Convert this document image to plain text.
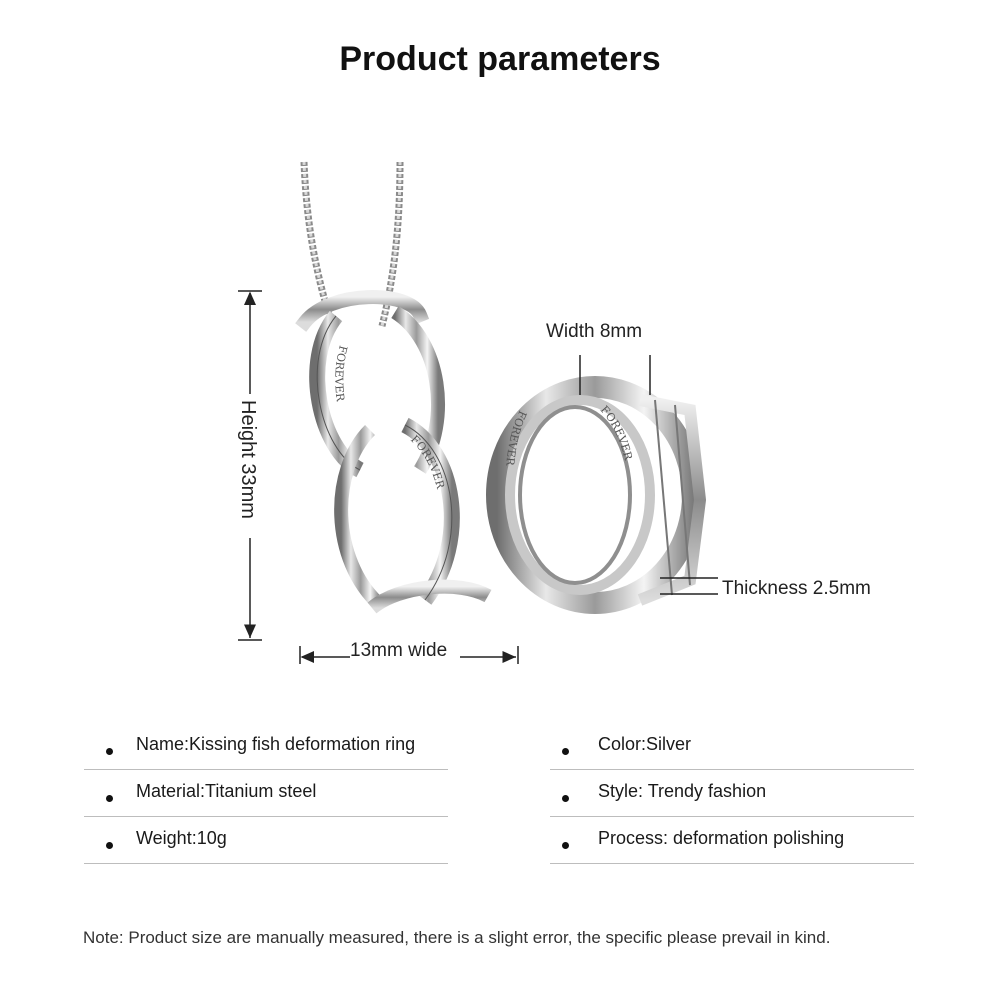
Product parameters
FOREVER
FOREVER
FOREVER
FOREVER
Height 33mm
13mm wide
Width 8mm
Thickness 2.5mm
Name:Kissing fish deformation ring
Material:Titanium steel
Weight:10g
Color:Silver
Style: Trendy fashion
Process: deformation polishing
Note: Product size are manually measured, there is a slight error, the specific please prevail in kind.
